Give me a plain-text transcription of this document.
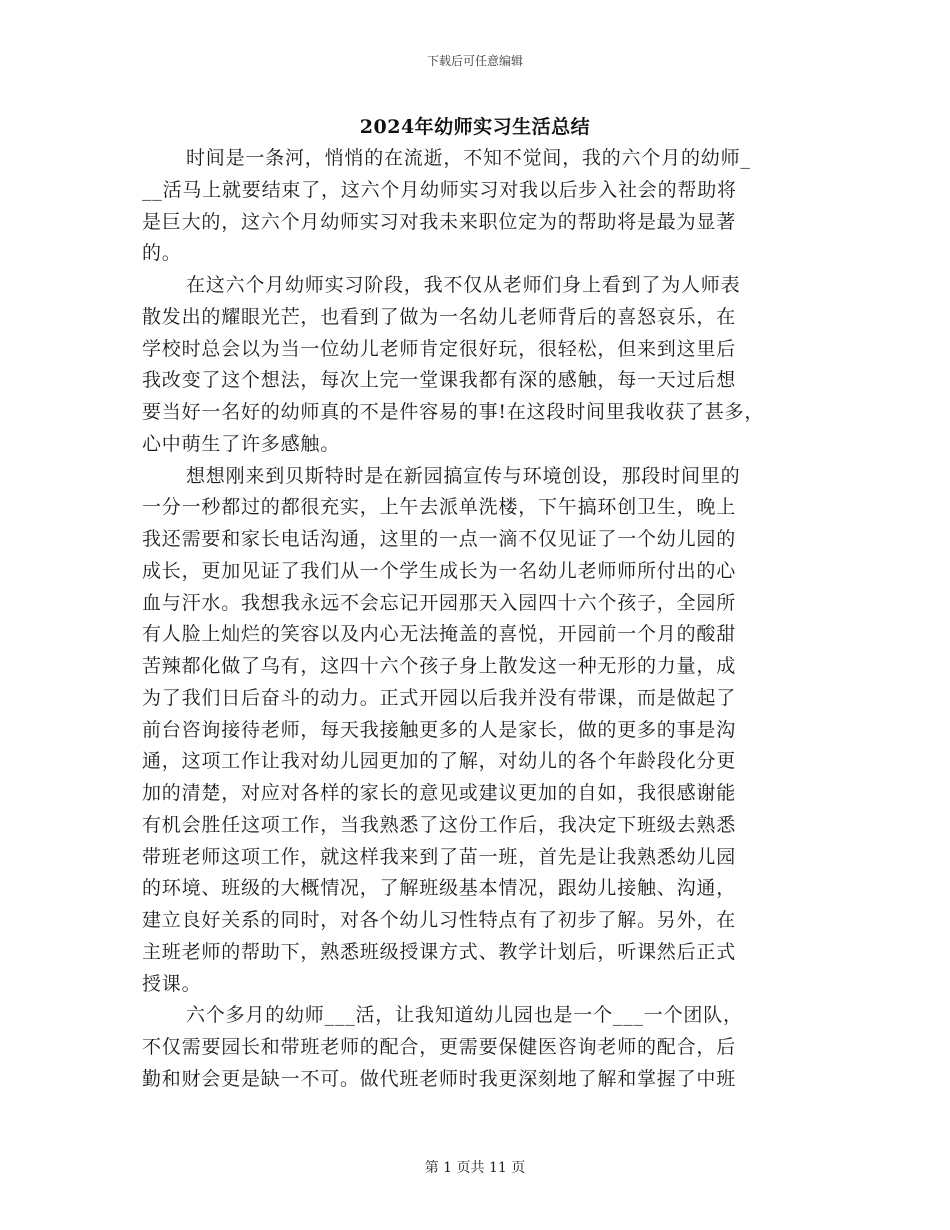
下载后可任意编辑
2024年幼师实习生活总结
时间是一条河，悄悄的在流逝，不知不觉间，我的六个月的幼师_
__活马上就要结束了，这六个月幼师实习对我以后步入社会的帮助将
是巨大的，这六个月幼师实习对我未来职位定为的帮助将是最为显著
的。
在这六个月幼师实习阶段，我不仅从老师们身上看到了为人师表
散发出的耀眼光芒，也看到了做为一名幼儿老师背后的喜怒哀乐，在
学校时总会以为当一位幼儿老师肯定很好玩，很轻松，但来到这里后
我改变了这个想法，每次上完一堂课我都有深的感触，每一天过后想
要当好一名好的幼师真的不是件容易的事!在这段时间里我收获了甚多，
心中萌生了许多感触。
想想刚来到贝斯特时是在新园搞宣传与环境创设，那段时间里的
一分一秒都过的都很充实，上午去派单洗楼，下午搞环创卫生，晚上
我还需要和家长电话沟通，这里的一点一滴不仅见证了一个幼儿园的
成长，更加见证了我们从一个学生成长为一名幼儿老师师所付出的心
血与汗水。我想我永远不会忘记开园那天入园四十六个孩子，全园所
有人脸上灿烂的笑容以及内心无法掩盖的喜悦，开园前一个月的酸甜
苦辣都化做了乌有，这四十六个孩子身上散发这一种无形的力量，成
为了我们日后奋斗的动力。正式开园以后我并没有带课，而是做起了
前台咨询接待老师，每天我接触更多的人是家长，做的更多的事是沟
通，这项工作让我对幼儿园更加的了解，对幼儿的各个年龄段化分更
加的清楚，对应对各样的家长的意见或建议更加的自如，我很感谢能
有机会胜任这项工作，当我熟悉了这份工作后，我决定下班级去熟悉
带班老师这项工作，就这样我来到了苗一班，首先是让我熟悉幼儿园
的环境、班级的大概情况，了解班级基本情况，跟幼儿接触、沟通，
建立良好关系的同时，对各个幼儿习性特点有了初步了解。另外，在
主班老师的帮助下，熟悉班级授课方式、教学计划后，听课然后正式
授课。
六个多月的幼师___活，让我知道幼儿园也是一个___一个团队，
不仅需要园长和带班老师的配合，更需要保健医咨询老师的配合，后
勤和财会更是缺一不可。做代班老师时我更深刻地了解和掌握了中班
第 1 页共 11 页
